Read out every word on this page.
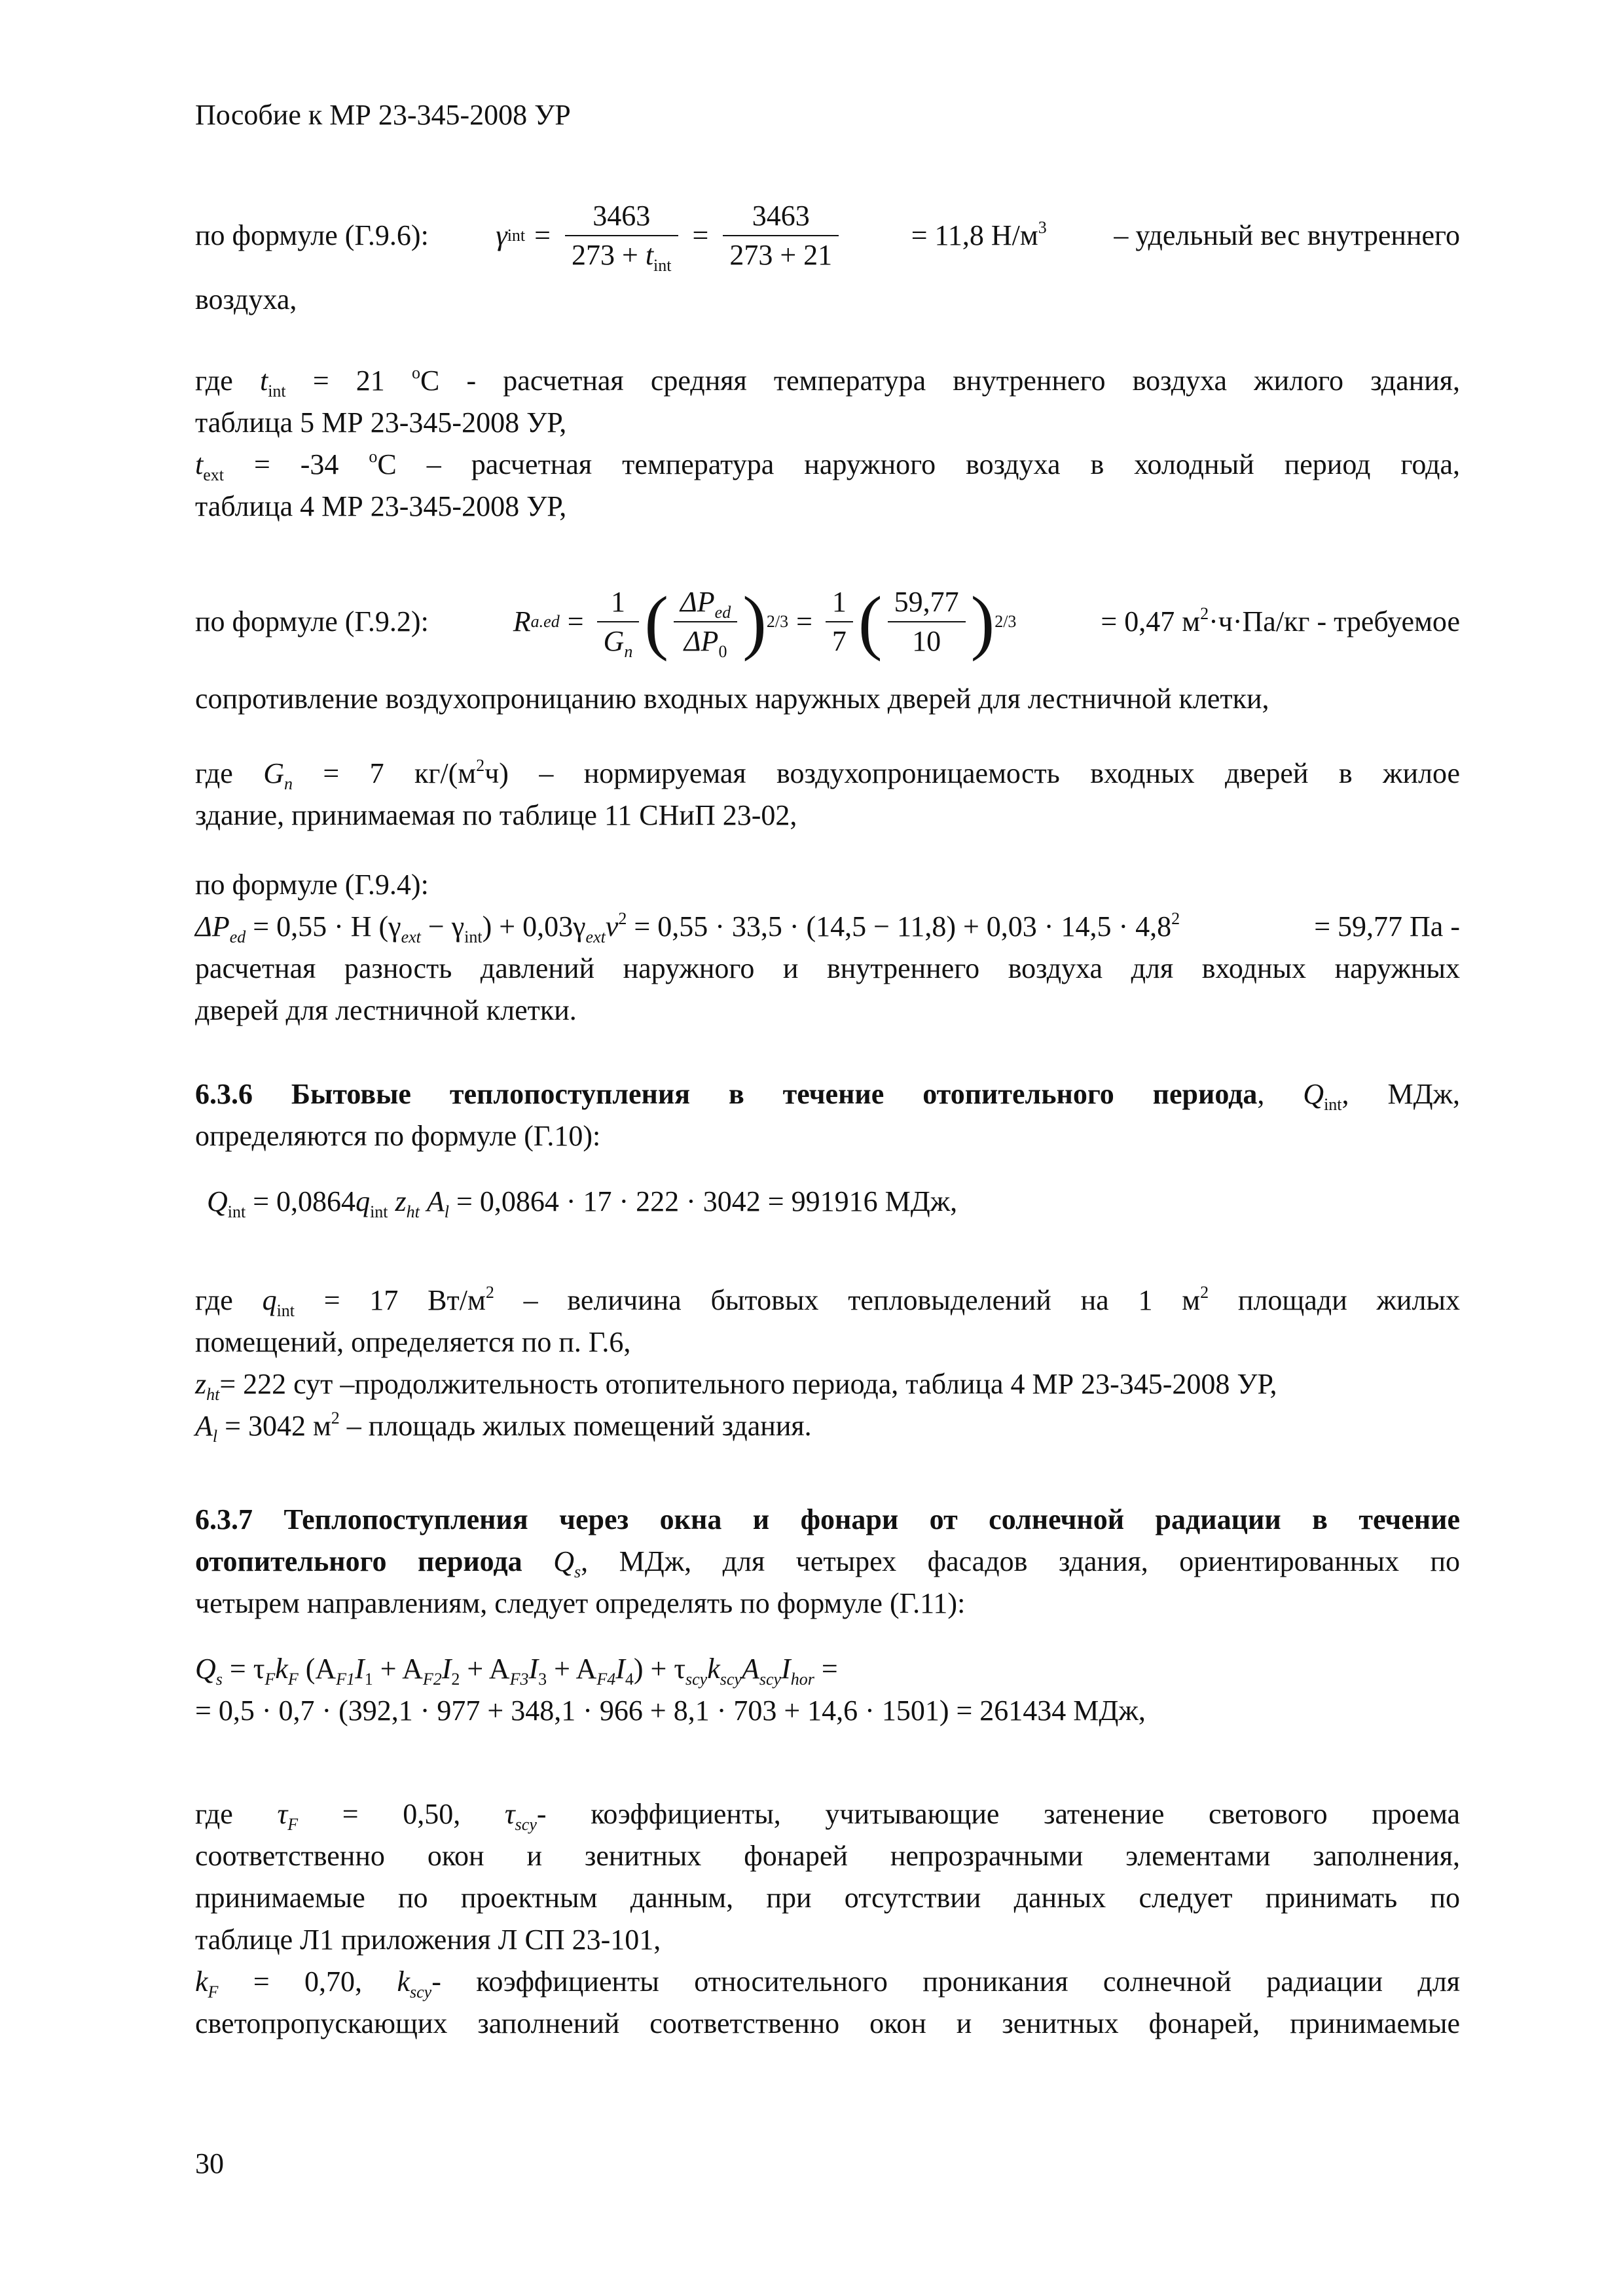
Пособие к МР 23-345-2008 УР
по формуле (Г.9.6): γ int = $\frac{3463}{273 + t_{int}} = \frac{3463}{273 + 21}$	= 11,8 $Н/м^3$ – удельный вес внутреннего
воздуха,
где $t_{int} = 21$ $^о$С - расчетная средняя температура внутреннего воздуха жилого здания,
таблица 5 МР 23-345-2008 УР,
$t_{ext} = -34$ $^о$С – расчетная температура наружного воздуха в холодный период года,
таблица 4 МР 23-345-2008 УР,
по формуле (Г.9.2):	R $a.ed = \frac{1}{G_n}$ ( $\frac{\Delta P_{ed}}{\Delta P_0}$ ) $2/3 = \frac{1}{7}$ ( $\frac{59,77}{10}$ ) 2/3	= 0,47 $м^2\cdot ч\cdot Па/кг$ - требуемое
сопротивление воздухопроницанию входных наружных дверей для лестничной клетки,
где $G_n = 7$ $кг/(м^2ч)$ – нормируемая воздухопроницаемость входных дверей в жилое
здание, принимаемая по таблице 11 СНиП 23-02,
по формуле (Г.9.4):
$\Delta P_{ed} = 0,55 \cdot H$ $(\gamma_{ext} - \gamma_{int}) + 0,03\gamma_{ext}v^2 = 0,55 \cdot 33,5 \cdot (14,5 - 11,8) + 0,03 \cdot 14,5 \cdot 4,8^2$	= 59,77 Па -
расчетная разность давлений наружного и внутреннего воздуха для входных наружных
дверей для лестничной клетки.
6.3.6 Бытовые теплопоступления в течение отопительного периода, $Q_{int}$, МДж,
определяются по формуле (Г.10):
$Q_{int} = 0,0864q_{int}$ $z_{ht}$ $A_l = 0,0864 \cdot 17 \cdot 222 \cdot 3042 = 991916$ МДж,
где $q_{int} = 17$ $Вт/м^2$ – величина бытовых тепловыделений на 1 $м^2$ площади жилых
помещений, определяется по п. Г.6,
$z_{ht}= 222$ сут –продолжительность отопительного периода, таблица 4 МР 23-345-2008 УР,
$A_l = 3042$ $м^2$ – площадь жилых помещений здания.
6.3.7 Теплопоступления через окна и фонари от солнечной радиации в течение
отопительного периода $Q_s$, МДж, для четырех фасадов здания, ориентированных по
четырем направлениям, следует определять по формуле (Г.11):
$Q_s = \tau_Fk_F$ $(A_{F1}I_1 + A_{F2}I_2 + A_{F3}I_3 + A_{F4}I_4) + \tau_{scy}k_{scy}A_{scy}I_{hor}$ =
= 0,5 · 0,7 · (392,1 · 977 + 348,1 · 966 + 8,1 · 703 + 14,6 · 1501) = 261434 МДж,
где $\tau_F = 0,50$, $\tau_{scy}-$ коэффициенты, учитывающие затенение светового проема
соответственно окон и зенитных фонарей непрозрачными элементами заполнения,
принимаемые по проектным данным, при отсутствии данных следует принимать по
таблице Л1 приложения Л СП 23-101,
$k_F = 0,70$, $k_{scy}-$ коэффициенты относительного проникания солнечной радиации для
светопропускающих заполнений соответственно окон и зенитных фонарей, принимаемые
30
